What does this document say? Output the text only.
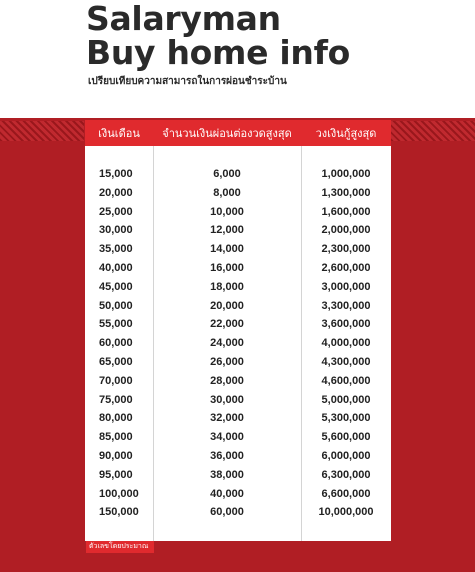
Salaryman
Buy home info
เปรียบเทียบความสามารถในการผ่อนชำระบ้าน
เงินเดือน	จำนวนเงินผ่อนต่องวดสูงสุด	วงเงินกู้สูงสุด
15,000	6,000	1,000,000
20,000	8,000	1,300,000
25,000	10,000	1,600,000
30,000	12,000	2,000,000
35,000	14,000	2,300,000
40,000	16,000	2,600,000
45,000	18,000	3,000,000
50,000	20,000	3,300,000
55,000	22,000	3,600,000
60,000	24,000	4,000,000
65,000	26,000	4,300,000
70,000	28,000	4,600,000
75,000	30,000	5,000,000
80,000	32,000	5,300,000
85,000	34,000	5,600,000
90,000	36,000	6,000,000
95,000	38,000	6,300,000
100,000	40,000	6,600,000
150,000	60,000	10,000,000
ตัวเลขโดยประมาณ
